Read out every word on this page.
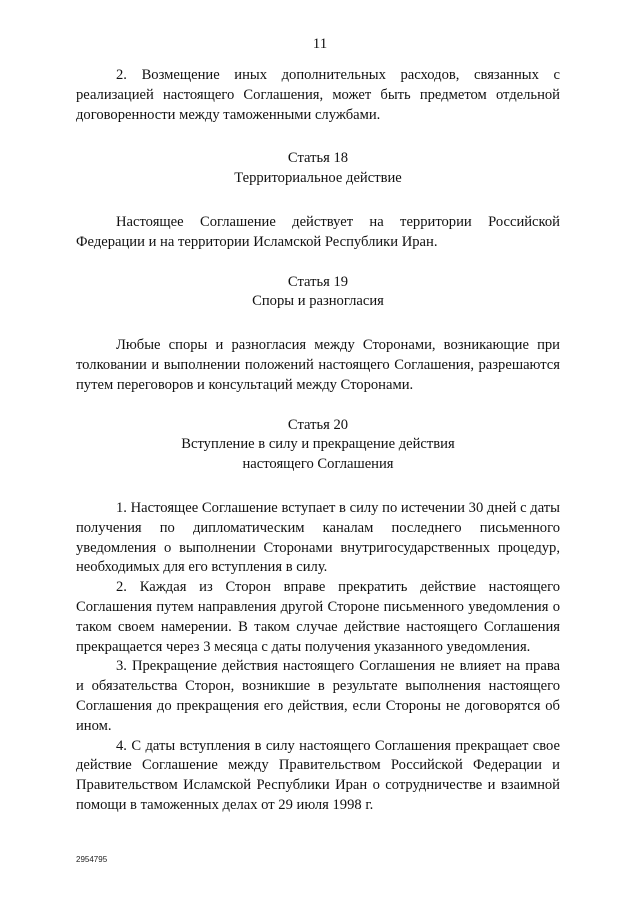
11

2. Возмещение иных дополнительных расходов, связанных с реализацией настоящего Соглашения, может быть предметом отдельной договоренности между таможенными службами.

Статья 18

Территориальное действие

Настоящее Соглашение действует на территории Российской Федерации и на территории Исламской Республики Иран.

Статья 19

Споры и разногласия

Любые споры и разногласия между Сторонами, возникающие при толковании и выполнении положений настоящего Соглашения, разрешаются путем переговоров и консультаций между Сторонами.

Статья 20

Вступление в силу и прекращение действия

настоящего Соглашения

1. Настоящее Соглашение вступает в силу по истечении 30 дней с даты получения по дипломатическим каналам последнего письменного уведомления о выполнении Сторонами внутригосударственных процедур, необходимых для его вступления в силу.

2. Каждая из Сторон вправе прекратить действие настоящего Соглашения путем направления другой Стороне письменного уведомления о таком своем намерении. В таком случае действие настоящего Соглашения прекращается через 3 месяца с даты получения указанного уведомления.

3. Прекращение действия настоящего Соглашения не влияет на права и обязательства Сторон, возникшие в результате выполнения настоящего Соглашения до прекращения его действия, если Стороны не договорятся об ином.

4. С даты вступления в силу настоящего Соглашения прекращает свое действие Соглашение между Правительством Российской Федерации и Правительством Исламской Республики Иран о сотрудничестве и взаимной помощи в таможенных делах от 29 июля 1998 г.

2954795
